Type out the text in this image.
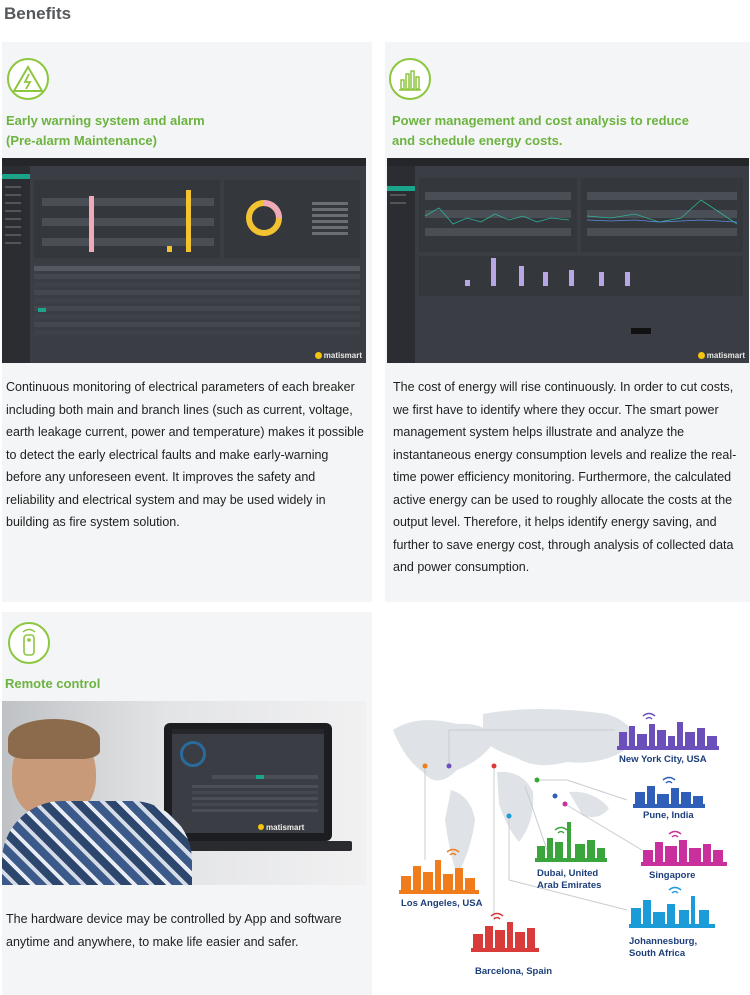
Benefits
Early warning system and alarm
(Pre-alarm Maintenance)
Power management and cost analysis to reduce
and schedule energy costs.
matismart	matismart
Continuous monitoring of electrical parameters of each breaker including both main and branch lines (such as current, voltage, earth leakage current, power and temperature) makes it possible to detect the early electrical faults and make early-warning before any unforeseen event. It improves the safety and reliability and electrical system and may be used widely in building as fire system solution.
The cost of energy will rise continuously. In order to cut costs, we first have to identify where they occur. The smart power management system helps illustrate and analyze the instantaneous energy consumption levels and realize the real-time power efficiency monitoring. Furthermore, the calculated active energy can be used to roughly allocate the costs at the output level. Therefore, it helps identify energy saving, and further to save energy cost, through analysis of collected data and power consumption.
Remote control
matismart
The hardware device may be controlled by App and software anytime and anywhere, to make life easier and safer.
New York City, USA
Pune, India
Dubai, United
Arab Emirates
Singapore
Los Angeles, USA
Johannesburg,
South Africa
Barcelona, Spain
